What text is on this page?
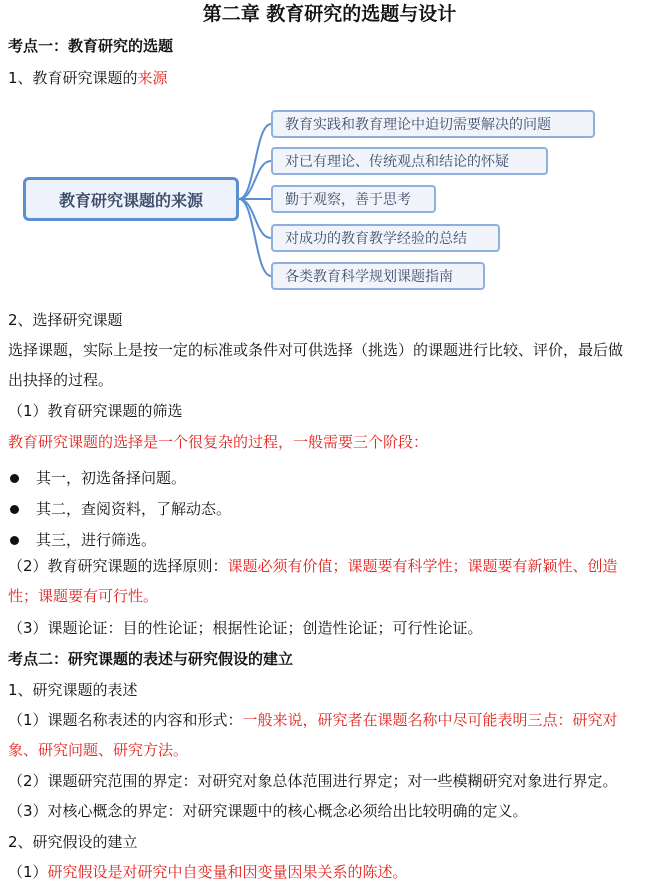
第二章 教育研究的选题与设计
考点一：教育研究的选题
1、教育研究课题的来源
教育研究课题的来源
教育实践和教育理论中迫切需要解决的问题
对已有理论、传统观点和结论的怀疑
勤于观察，善于思考
对成功的教育教学经验的总结
各类教育科学规划课题指南
2、选择研究课题
选择课题，实际上是按一定的标准或条件对可供选择（挑选）的课题进行比较、评价，最后做
出抉择的过程。
（1）教育研究课题的筛选
教育研究课题的选择是一个很复杂的过程，一般需要三个阶段：
其一，初选备择问题。
其二，查阅资料，了解动态。
其三，进行筛选。
（2）教育研究课题的选择原则：课题必须有价值；课题要有科学性；课题要有新颖性、创造
性；课题要有可行性。
（3）课题论证：目的性论证；根据性论证；创造性论证；可行性论证。
考点二：研究课题的表述与研究假设的建立
1、研究课题的表述
（1）课题名称表述的内容和形式：一般来说，研究者在课题名称中尽可能表明三点：研究对
象、研究问题、研究方法。
（2）课题研究范围的界定：对研究对象总体范围进行界定；对一些模糊研究对象进行界定。
（3）对核心概念的界定：对研究课题中的核心概念必须给出比较明确的定义。
2、研究假设的建立
（1）研究假设是对研究中自变量和因变量因果关系的陈述。
